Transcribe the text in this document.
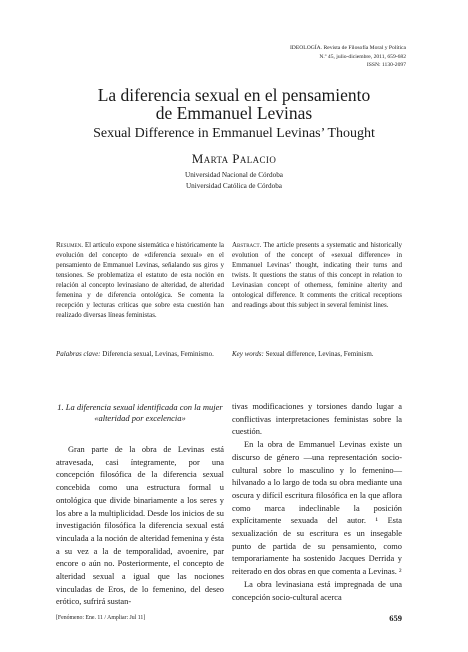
IDEOLOGÍA. Revista de Filosofía Moral y Política
N.º 45, julio-diciembre, 2011, 659-682
ISSN: 1130-2097
La diferencia sexual en el pensamiento
de Emmanuel Levinas
Sexual Difference in Emmanuel Levinas’ Thought
Marta Palacio
Universidad Nacional de Córdoba
Universidad Católica de Córdoba
Resumen. El artículo expone sistemática e históricamente la evolución del concepto de «diferencia sexual» en el pensamiento de Emmanuel Levinas, señalando sus giros y tensiones. Se problematiza el estatuto de esta noción en relación al concepto levinasiano de alteridad, de alteridad femenina y de diferencia ontológica. Se comenta la recepción y lecturas críticas que sobre esta cuestión han realizado diversas líneas feministas.
Abstract. The article presents a systematic and historically evolution of the concept of «sexual difference» in Emmanuel Levinas’ thought, indicating their turns and twists. It questions the status of this concept in relation to Levinasian concept of otherness, feminine alterity and ontological difference. It comments the critical receptions and readings about this subject in several feminist lines.
Palabras clave: Diferencia sexual, Levinas, Feminismo.	Key words: Sexual difference, Levinas, Feminism.
1. La diferencia sexual identificada con la mujer «alteridad por excelencia»

Gran parte de la obra de Levinas está atravesada, casi íntegramente, por una concepción filosófica de la diferencia sexual concebida como una estructura formal u ontológica que divide binariamente a los seres y los abre a la multiplicidad. Desde los inicios de su investigación filosófica la diferencia sexual está vinculada a la noción de alteridad femenina y ésta a su vez a la de temporalidad, avoenire, par encore o aún no. Posteriormente, el concepto de alteridad sexual a igual que las nociones vinculadas de Eros, de lo femenino, del deseo erótico, sufrirá sustan-

tivas modificaciones y torsiones dando lugar a conflictivas interpretaciones feministas sobre la cuestión.

En la obra de Emmanuel Levinas existe un discurso de género —una representación socio-cultural sobre lo masculino y lo femenino— hilvanado a lo largo de toda su obra mediante una oscura y difícil escritura filosófica en la que aflora como marca indeclinable la posición explícitamente sexuada del autor. ¹ Esta sexualización de su escritura es un insegable punto de partida de su pensamiento, como temporariamente ha sostenido Jacques Derrida y reiterado en dos obras en que comenta a Levinas. ²

La obra levinasiana está impregnada de una concepción socio-cultural acerca

[Fenómeno: Ene. 11 / Ampliar: Jul 11]	659
